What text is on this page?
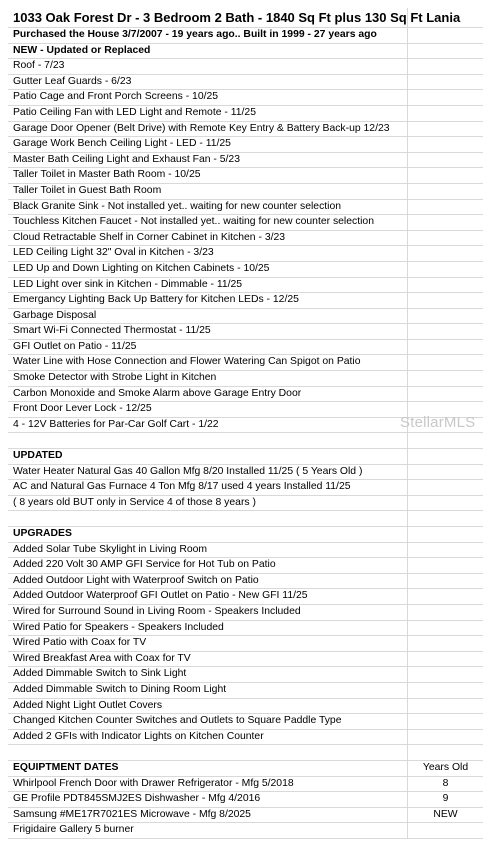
1033 Oak Forest Dr - 3 Bedroom 2 Bath - 1840 Sq Ft plus 130 Sq Ft Lania
Purchased the House 3/7/2007 - 19 years ago.. Built in 1999 - 27 years ago
NEW - Updated or Replaced
Roof - 7/23
Gutter Leaf Guards - 6/23
Patio Cage and Front Porch Screens - 10/25
Patio Ceiling Fan with LED Light and Remote - 11/25
Garage Door Opener (Belt Drive) with Remote Key Entry & Battery Back-up 12/23
Garage Work Bench Ceiling Light - LED - 11/25
Master Bath Ceiling Light and Exhaust Fan - 5/23
Taller Toilet in Master Bath Room - 10/25
Taller Toilet in Guest Bath Room
Black Granite Sink - Not installed yet.. waiting for new counter selection
Touchless Kitchen Faucet - Not installed yet.. waiting for new counter selection
Cloud Retractable Shelf in Corner Cabinet in Kitchen - 3/23
LED Ceiling Light 32" Oval in Kitchen - 3/23
LED Up and Down Lighting on Kitchen Cabinets - 10/25
LED Light over sink in Kitchen - Dimmable - 11/25
Emergancy Lighting Back Up Battery for Kitchen LEDs - 12/25
Garbage Disposal
Smart Wi-Fi Connected Thermostat - 11/25
GFI Outlet on Patio - 11/25
Water Line with Hose Connection and Flower Watering Can Spigot on Patio
Smoke Detector with Strobe Light in Kitchen
Carbon Monoxide and Smoke Alarm above Garage Entry Door
Front Door Lever Lock - 12/25
4 - 12V Batteries for Par-Car Golf Cart - 1/22
UPDATED
Water Heater Natural Gas 40 Gallon Mfg 8/20 Installed 11/25 ( 5 Years Old )
AC and Natural Gas Furnace 4 Ton Mfg 8/17 used 4 years Installed 11/25
( 8 years old BUT only in Service 4 of those 8 years )
UPGRADES
Added Solar Tube Skylight in Living Room
Added 220 Volt 30 AMP GFI Service for Hot Tub on Patio
Added Outdoor Light with Waterproof Switch on Patio
Added Outdoor Waterproof GFI Outlet on Patio - New GFI 11/25
Wired for Surround Sound in Living Room - Speakers Included
Wired Patio for Speakers - Speakers Included
Wired Patio with Coax for TV
Wired Breakfast Area with Coax for TV
Added Dimmable Switch to Sink Light
Added Dimmable Switch to Dining Room Light
Added Night Light Outlet Covers
Changed Kitchen Counter Switches and Outlets to Square Paddle Type
Added 2 GFIs with Indicator Lights on Kitchen Counter
EQUIPTMENT DATES	Years Old
Whirlpool French Door with Drawer Refrigerator - Mfg 5/2018	8
GE Profile PDT845SMJ2ES Dishwasher - Mfg 4/2016	9
Samsung #ME17R7021ES Microwave - Mfg 8/2025	NEW
Frigidaire Gallery 5 burner
StellarMLS
